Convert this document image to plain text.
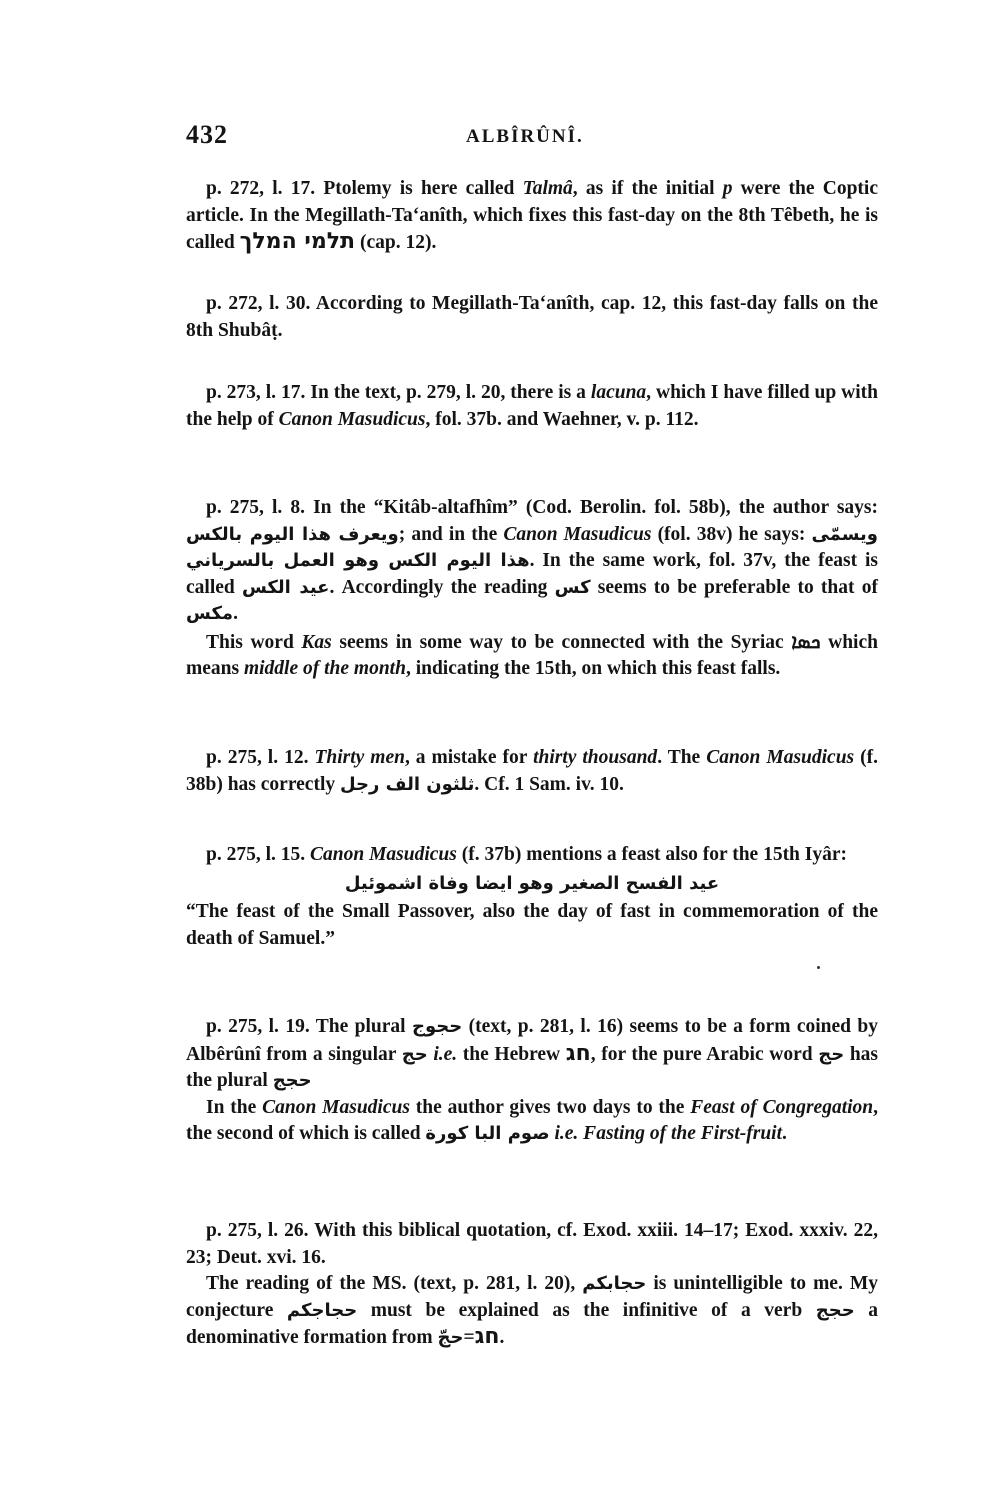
432	ALBÎRÛNÎ.

p. 272, l. 17. Ptolemy is here called Talmâ, as if the initial p were the Coptic article. In the Megillath-Ta‘anîth, which fixes this fast-day on the 8th Têbeth, he is called תלמי המלך (cap. 12).

p. 272, l. 30. According to Megillath-Ta‘anîth, cap. 12, this fast-day falls on the 8th Shubâṭ.

p. 273, l. 17. In the text, p. 279, l. 20, there is a lacuna, which I have filled up with the help of Canon Masudicus, fol. 37b. and Waehner, v. p. 112.

p. 275, l. 8. In the “Kitâb-altafhîm” (Cod. Berolin. fol. 58b), the author says: ويعرف هذا اليوم بالكس; and in the Canon Masudicus (fol. 38v) he says: ويسمّى هذا اليوم الكس وهو العمل بالسرياني. In the same work, fol. 37v, the feast is called عيد الكس. Accordingly the reading كس seems to be preferable to that of مكس.

This word Kas seems in some way to be connected with the Syriac ܟܣܐ which means middle of the month, indicating the 15th, on which this feast falls.

p. 275, l. 12. Thirty men, a mistake for thirty thousand. The Canon Masudicus (f. 38b) has correctly ثلثون الف رجل. Cf. 1 Sam. iv. 10.

p. 275, l. 15. Canon Masudicus (f. 37b) mentions a feast also for the 15th Iyâr:

عيد الفسح الصغير وهو ايضا وفاة اشموئيل

“The feast of the Small Passover, also the day of fast in commemoration of the death of Samuel.”

p. 275, l. 19. The plural حجوج (text, p. 281, l. 16) seems to be a form coined by Albêrûnî from a singular حج i.e. the Hebrew חג, for the pure Arabic word حج has the plural حجج

In the Canon Masudicus the author gives two days to the Feast of Congregation, the second of which is called صوم البا كورة i.e. Fasting of the First-fruit.

p. 275, l. 26. With this biblical quotation, cf. Exod. xxiii. 14–17; Exod. xxxiv. 22, 23; Deut. xvi. 16.

The reading of the MS. (text, p. 281, l. 20), حجابكم is unintelligible to me. My conjecture حجاجكم must be explained as the infinitive of a verb حجج a denominative formation from حجّ=חג.
